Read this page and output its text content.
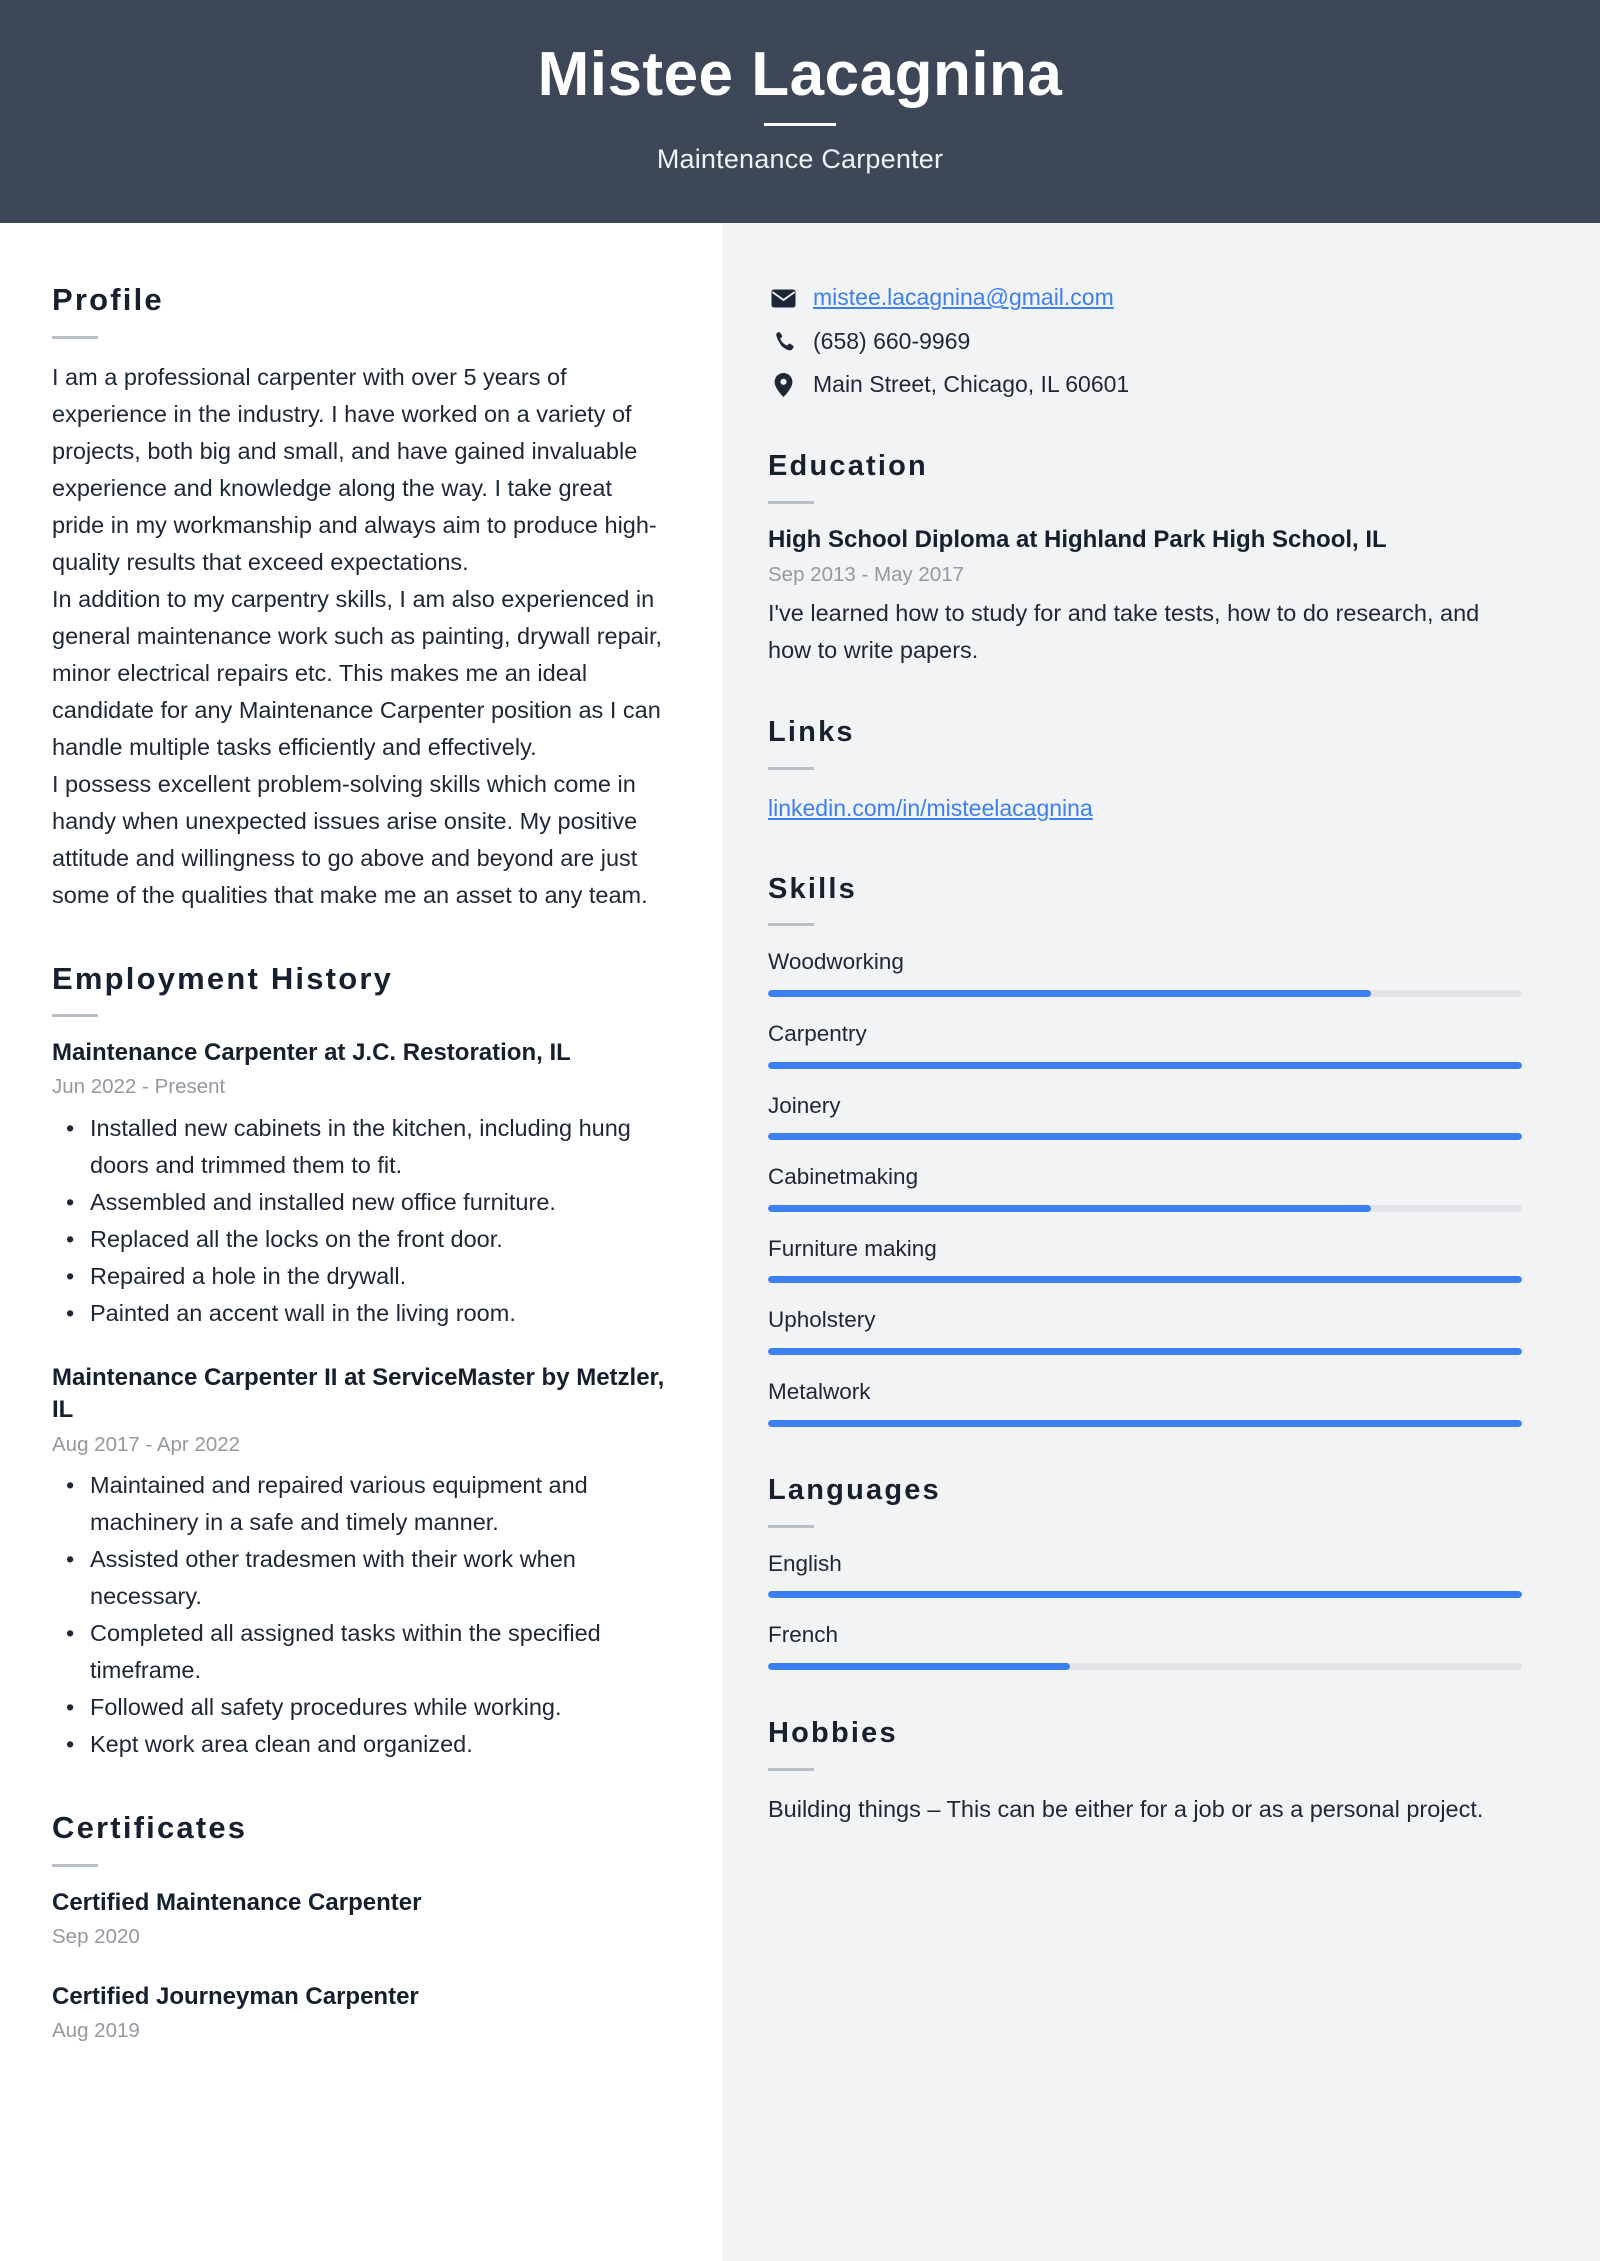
Mistee Lacagnina
Maintenance Carpenter
Profile
I am a professional carpenter with over 5 years of experience in the industry. I have worked on a variety of projects, both big and small, and have gained invaluable experience and knowledge along the way. I take great pride in my workmanship and always aim to produce high-quality results that exceed expectations.
In addition to my carpentry skills, I am also experienced in general maintenance work such as painting, drywall repair, minor electrical repairs etc. This makes me an ideal candidate for any Maintenance Carpenter position as I can handle multiple tasks efficiently and effectively.
I possess excellent problem-solving skills which come in handy when unexpected issues arise onsite. My positive attitude and willingness to go above and beyond are just some of the qualities that make me an asset to any team.
Employment History
Maintenance Carpenter at J.C. Restoration, IL
Jun 2022 - Present
• Installed new cabinets in the kitchen, including hung doors and trimmed them to fit.
• Assembled and installed new office furniture.
• Replaced all the locks on the front door.
• Repaired a hole in the drywall.
• Painted an accent wall in the living room.
Maintenance Carpenter II at ServiceMaster by Metzler, IL
Aug 2017 - Apr 2022
• Maintained and repaired various equipment and machinery in a safe and timely manner.
• Assisted other tradesmen with their work when necessary.
• Completed all assigned tasks within the specified timeframe.
• Followed all safety procedures while working.
• Kept work area clean and organized.
Certificates
Certified Maintenance Carpenter
Sep 2020
Certified Journeyman Carpenter
Aug 2019
mistee.lacagnina@gmail.com
(658) 660-9969
Main Street, Chicago, IL 60601
Education
High School Diploma at Highland Park High School, IL
Sep 2013 - May 2017
I've learned how to study for and take tests, how to do research, and how to write papers.
Links
linkedin.com/in/misteelacagnina
Skills
Woodworking
Carpentry
Joinery
Cabinetmaking
Furniture making
Upholstery
Metalwork
Languages
English
French
Hobbies
Building things – This can be either for a job or as a personal project.
